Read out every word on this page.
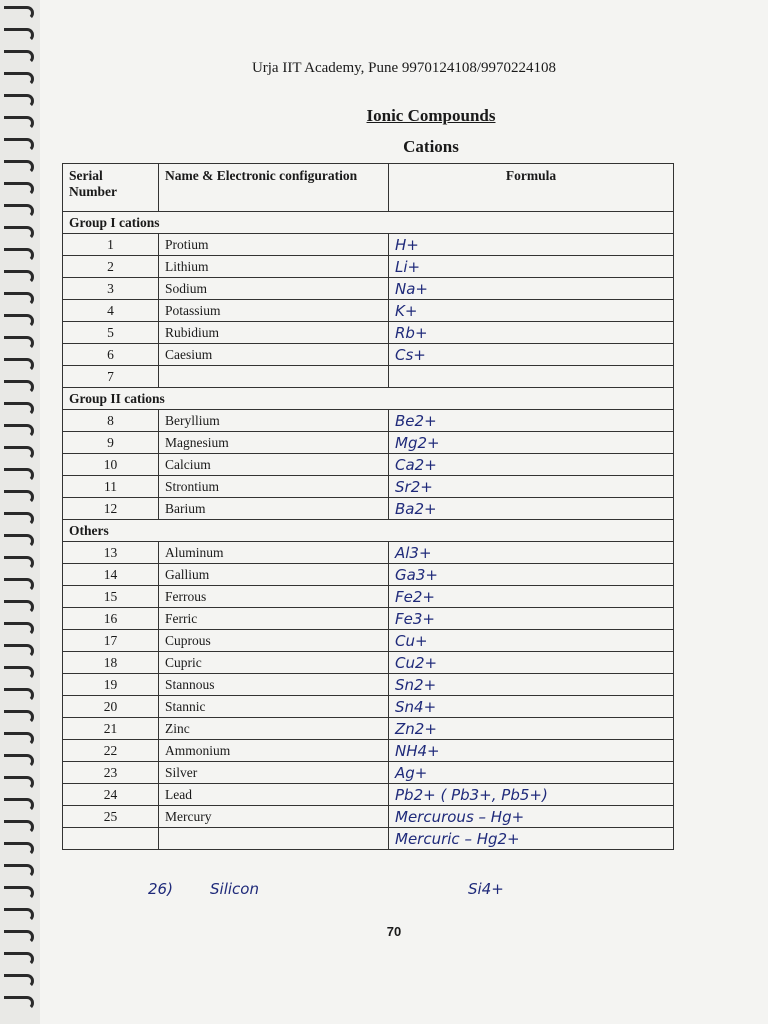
Urja IIT Academy, Pune 9970124108/9970224108
Ionic Compounds
Cations
70
Serial Number	Name & Electronic configuration	Formula
Group I cations		
1	Protium	H+
2	Lithium	Li+
3	Sodium	Na+
4	Potassium	K+
5	Rubidium	Rb+
6	Caesium	Cs+
7		
Group II cations		
8	Beryllium	Be2+
9	Magnesium	Mg2+
10	Calcium	Ca2+
11	Strontium	Sr2+
12	Barium	Ba2+
Others		
13	Aluminum	Al3+
14	Gallium	Ga3+
15	Ferrous	Fe2+
16	Ferric	Fe3+
17	Cuprous	Cu+
18	Cupric	Cu2+
19	Stannous	Sn2+
20	Stannic	Sn4+
21	Zinc	Zn2+
22	Ammonium	NH4+
23	Silver	Ag+
24	Lead	Pb2+ ( Pb3+, Pb5+)
25	Mercury	Mercurous – Hg+
		Mercuric – Hg2+
26) Silicon	Si4+
